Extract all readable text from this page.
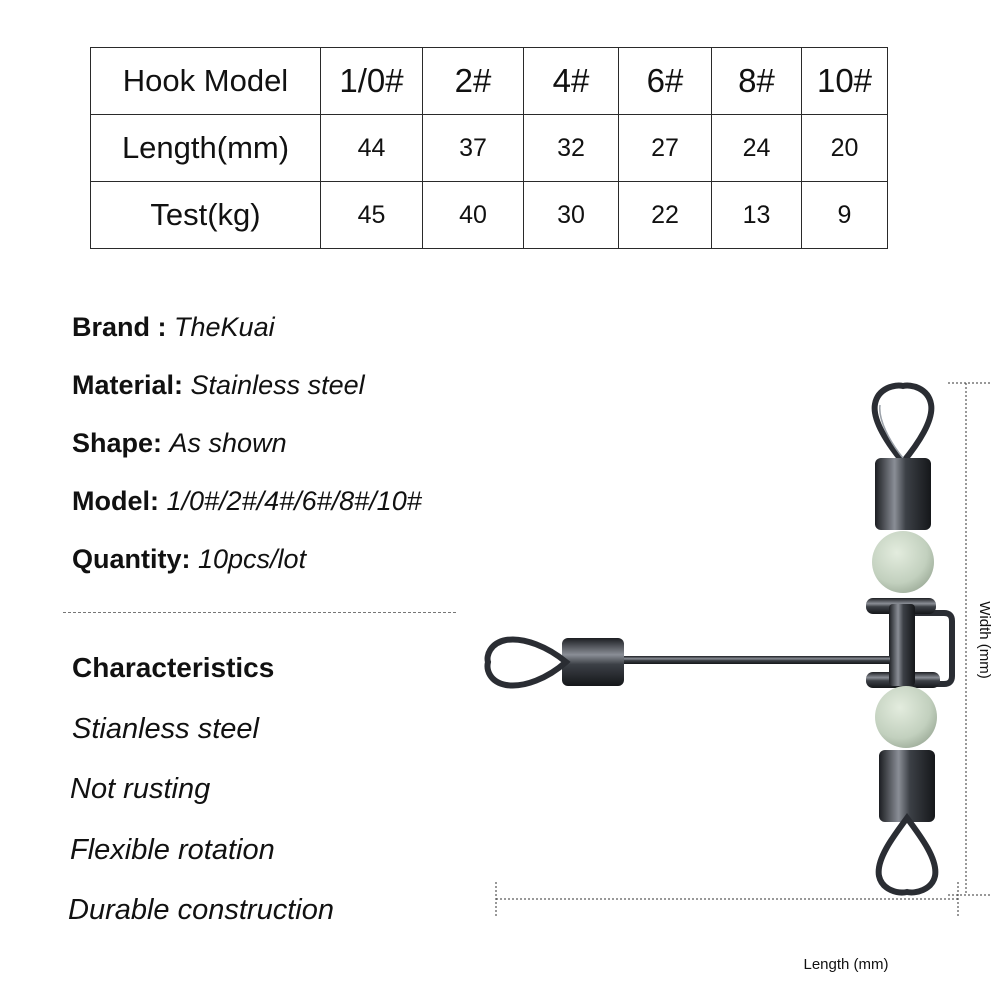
Hook Model	1/0#	2#	4#	6#	8#	10#
Length(mm)	44	37	32	27	24	20
Test(kg)	45	40	30	22	13	9
Brand : TheKuai
Material: Stainless steel
Shape: As shown
Model: 1/0#/2#/4#/6#/8#/10#
Quantity: 10pcs/lot
Characteristics
Stianless steel
Not rusting
Flexible rotation
Durable construction
Width (mm)
Length (mm)
